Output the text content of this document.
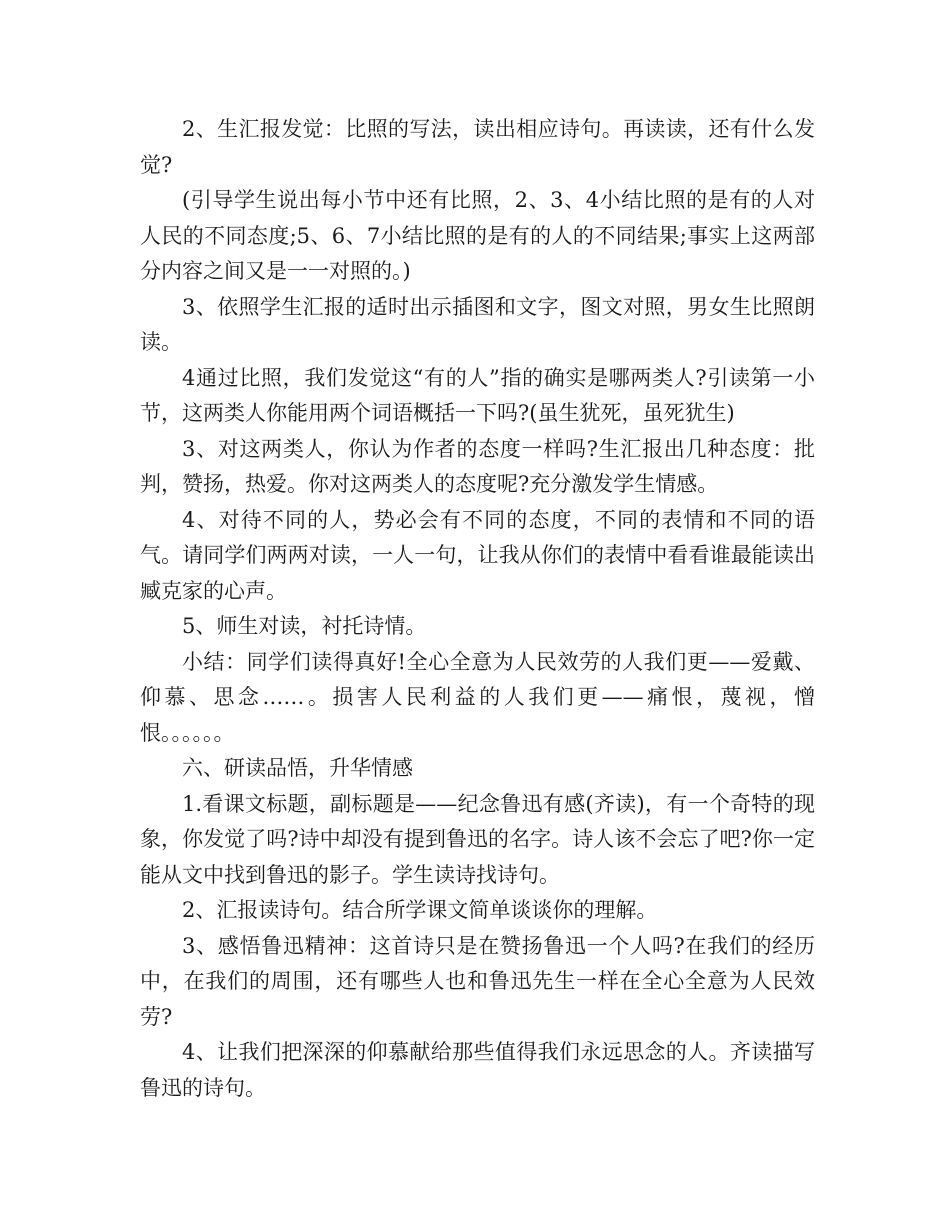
2、生汇报发觉：比照的写法，读出相应诗句。再读读，还有什么发觉?

(引导学生说出每小节中还有比照，2、3、4小结比照的是有的人对人民的不同态度;5、6、7小结比照的是有的人的不同结果;事实上这两部分内容之间又是一一对照的。)

3、依照学生汇报的适时出示插图和文字，图文对照，男女生比照朗读。

4通过比照，我们发觉这“有的人”指的确实是哪两类人?引读第一小节，这两类人你能用两个词语概括一下吗?(虽生犹死，虽死犹生)

3、对这两类人，你认为作者的态度一样吗?生汇报出几种态度：批判，赞扬，热爱。你对这两类人的态度呢?充分激发学生情感。

4、对待不同的人，势必会有不同的态度，不同的表情和不同的语气。请同学们两两对读，一人一句，让我从你们的表情中看看谁最能读出臧克家的心声。

5、师生对读，衬托诗情。

小结：同学们读得真好!全心全意为人民效劳的人我们更——爱戴、仰慕、思念……。损害人民利益的人我们更——痛恨，蔑视，憎恨。。。。。。

六、研读品悟，升华情感

1.看课文标题，副标题是——纪念鲁迅有感(齐读)，有一个奇特的现象，你发觉了吗?诗中却没有提到鲁迅的名字。诗人该不会忘了吧?你一定能从文中找到鲁迅的影子。学生读诗找诗句。

2、汇报读诗句。结合所学课文简单谈谈你的理解。

3、感悟鲁迅精神：这首诗只是在赞扬鲁迅一个人吗?在我们的经历中，在我们的周围，还有哪些人也和鲁迅先生一样在全心全意为人民效劳?

4、让我们把深深的仰慕献给那些值得我们永远思念的人。齐读描写鲁迅的诗句。
